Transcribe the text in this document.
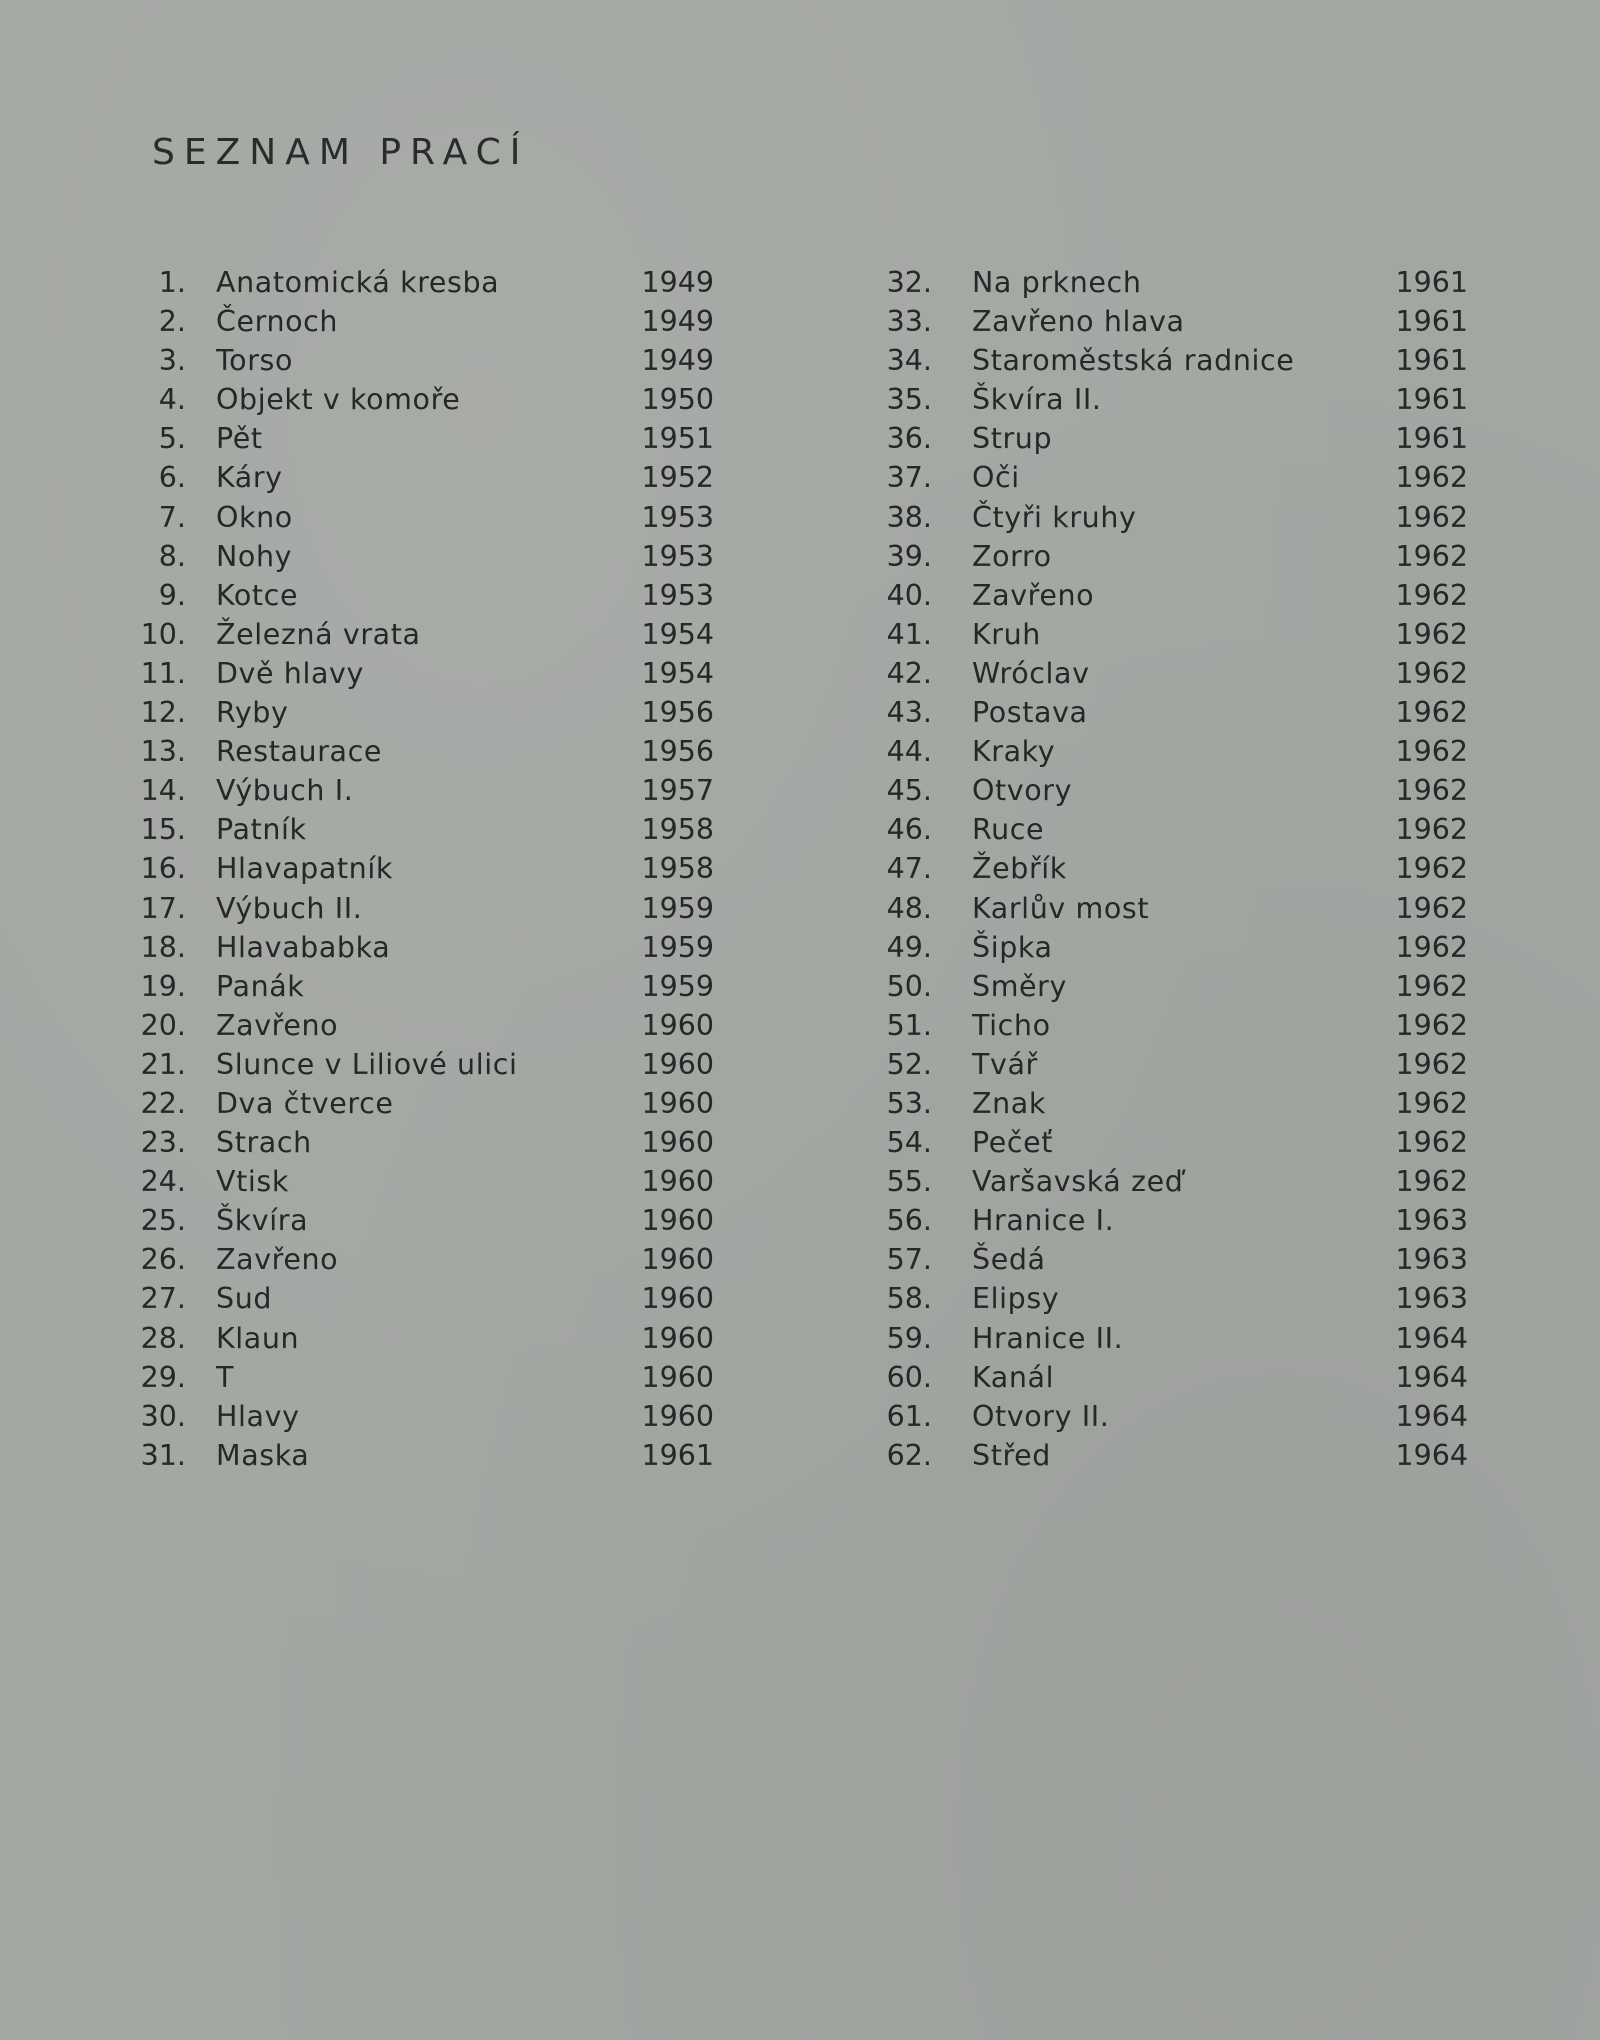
SEZNAM PRACÍ
1. Anatomická kresba	1949
2. Černoch	1949
3. Torso	1949
4. Objekt v komoře	1950
5. Pět	1951
6. Káry	1952
7. Okno	1953
8. Nohy	1953
9. Kotce	1953
10. Železná vrata	1954
11. Dvě hlavy	1954
12. Ryby	1956
13. Restaurace	1956
14. Výbuch I.	1957
15. Patník	1958
16. Hlavapatník	1958
17. Výbuch II.	1959
18. Hlavababka	1959
19. Panák	1959
20. Zavřeno	1960
21. Slunce v Liliové ulici	1960
22. Dva čtverce	1960
23. Strach	1960
24. Vtisk	1960
25. Škvíra	1960
26. Zavřeno	1960
27. Sud	1960
28. Klaun	1960
29. T	1960
30. Hlavy	1960
31. Maska	1961
32. Na prknech	1961
33. Zavřeno hlava	1961
34. Staroměstská radnice	1961
35. Škvíra II.	1961
36. Strup	1961
37. Oči	1962
38. Čtyři kruhy	1962
39. Zorro	1962
40. Zavřeno	1962
41. Kruh	1962
42. Wróclav	1962
43. Postava	1962
44. Kraky	1962
45. Otvory	1962
46. Ruce	1962
47. Žebřík	1962
48. Karlův most	1962
49. Šipka	1962
50. Směry	1962
51. Ticho	1962
52. Tvář	1962
53. Znak	1962
54. Pečeť	1962
55. Varšavská zeď	1962
56. Hranice I.	1963
57. Šedá	1963
58. Elipsy	1963
59. Hranice II.	1964
60. Kanál	1964
61. Otvory II.	1964
62. Střed	1964
